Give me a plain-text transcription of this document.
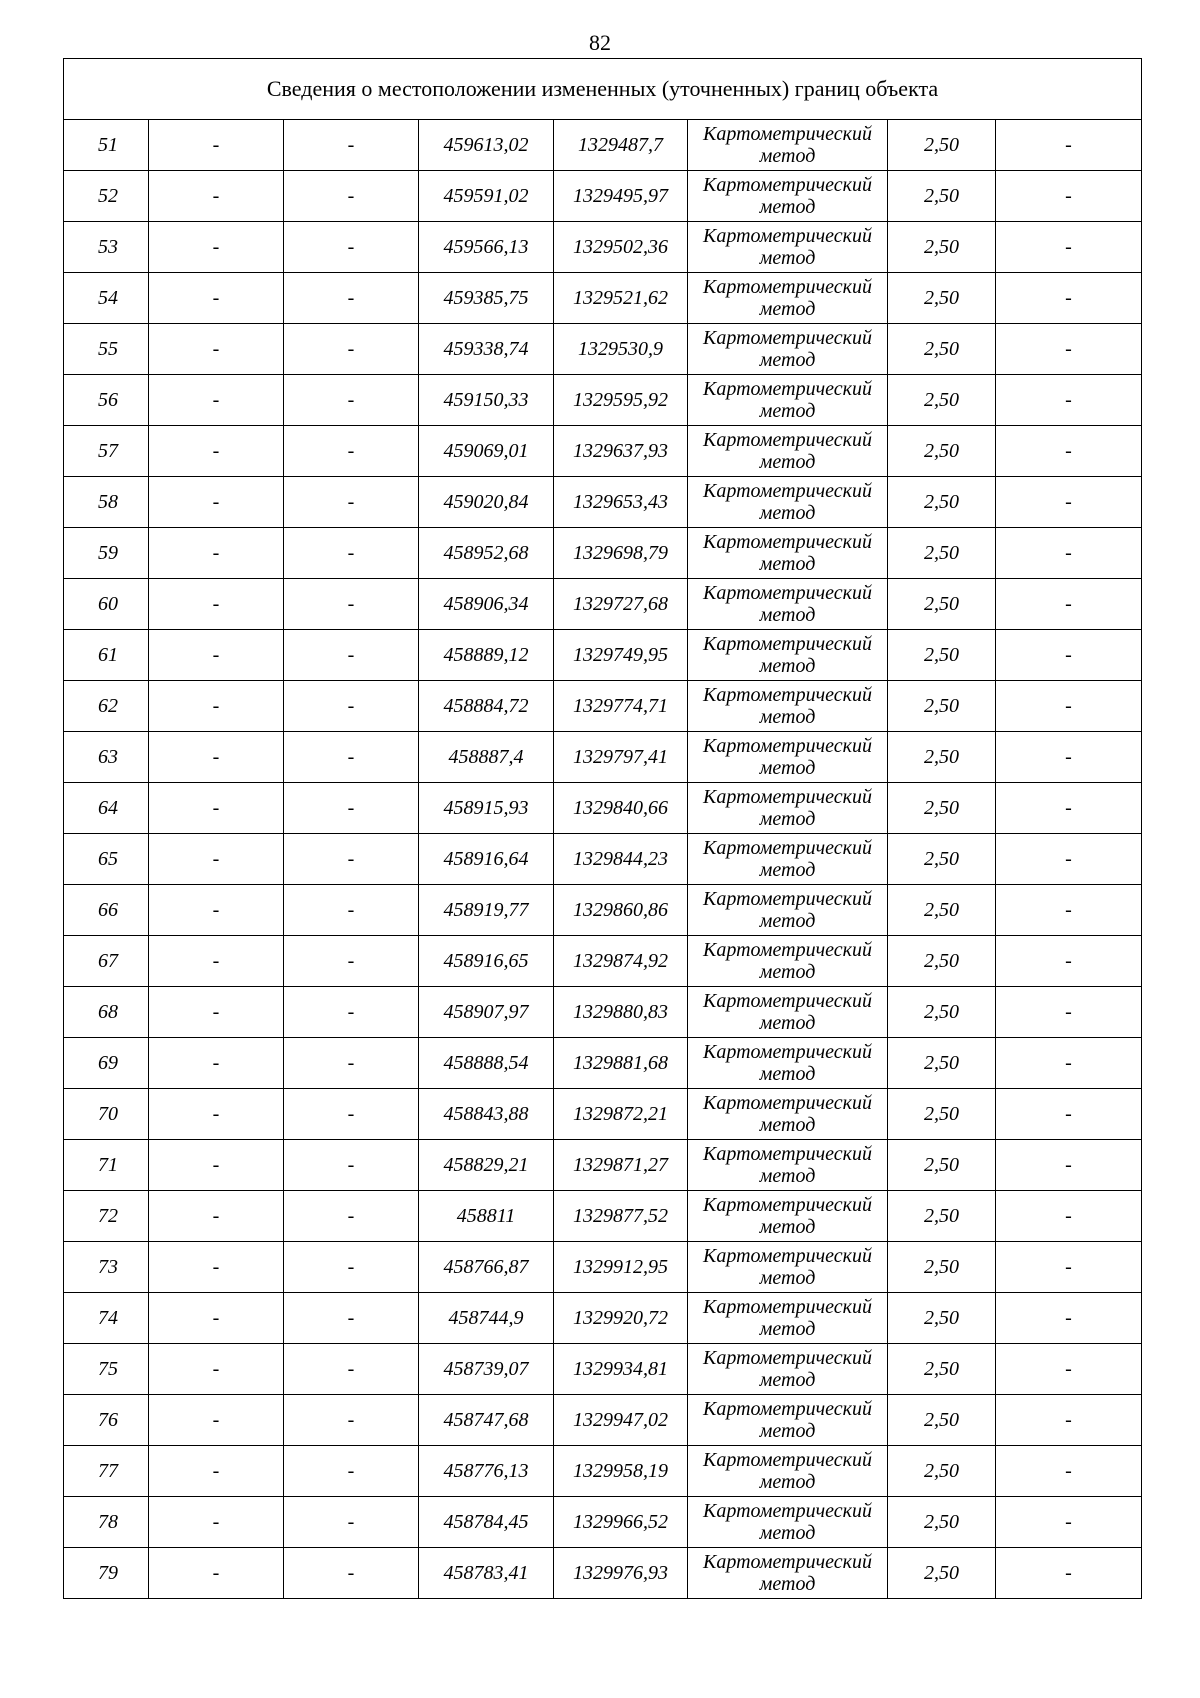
82
Сведения о местоположении измененных (уточненных) границ объекта							
51	-	-	459613,02	1329487,7	Картометрический метод	2,50	-
52	-	-	459591,02	1329495,97	Картометрический метод	2,50	-
53	-	-	459566,13	1329502,36	Картометрический метод	2,50	-
54	-	-	459385,75	1329521,62	Картометрический метод	2,50	-
55	-	-	459338,74	1329530,9	Картометрический метод	2,50	-
56	-	-	459150,33	1329595,92	Картометрический метод	2,50	-
57	-	-	459069,01	1329637,93	Картометрический метод	2,50	-
58	-	-	459020,84	1329653,43	Картометрический метод	2,50	-
59	-	-	458952,68	1329698,79	Картометрический метод	2,50	-
60	-	-	458906,34	1329727,68	Картометрический метод	2,50	-
61	-	-	458889,12	1329749,95	Картометрический метод	2,50	-
62	-	-	458884,72	1329774,71	Картометрический метод	2,50	-
63	-	-	458887,4	1329797,41	Картометрический метод	2,50	-
64	-	-	458915,93	1329840,66	Картометрический метод	2,50	-
65	-	-	458916,64	1329844,23	Картометрический метод	2,50	-
66	-	-	458919,77	1329860,86	Картометрический метод	2,50	-
67	-	-	458916,65	1329874,92	Картометрический метод	2,50	-
68	-	-	458907,97	1329880,83	Картометрический метод	2,50	-
69	-	-	458888,54	1329881,68	Картометрический метод	2,50	-
70	-	-	458843,88	1329872,21	Картометрический метод	2,50	-
71	-	-	458829,21	1329871,27	Картометрический метод	2,50	-
72	-	-	458811	1329877,52	Картометрический метод	2,50	-
73	-	-	458766,87	1329912,95	Картометрический метод	2,50	-
74	-	-	458744,9	1329920,72	Картометрический метод	2,50	-
75	-	-	458739,07	1329934,81	Картометрический метод	2,50	-
76	-	-	458747,68	1329947,02	Картометрический метод	2,50	-
77	-	-	458776,13	1329958,19	Картометрический метод	2,50	-
78	-	-	458784,45	1329966,52	Картометрический метод	2,50	-
79	-	-	458783,41	1329976,93	Картометрический метод	2,50	-
